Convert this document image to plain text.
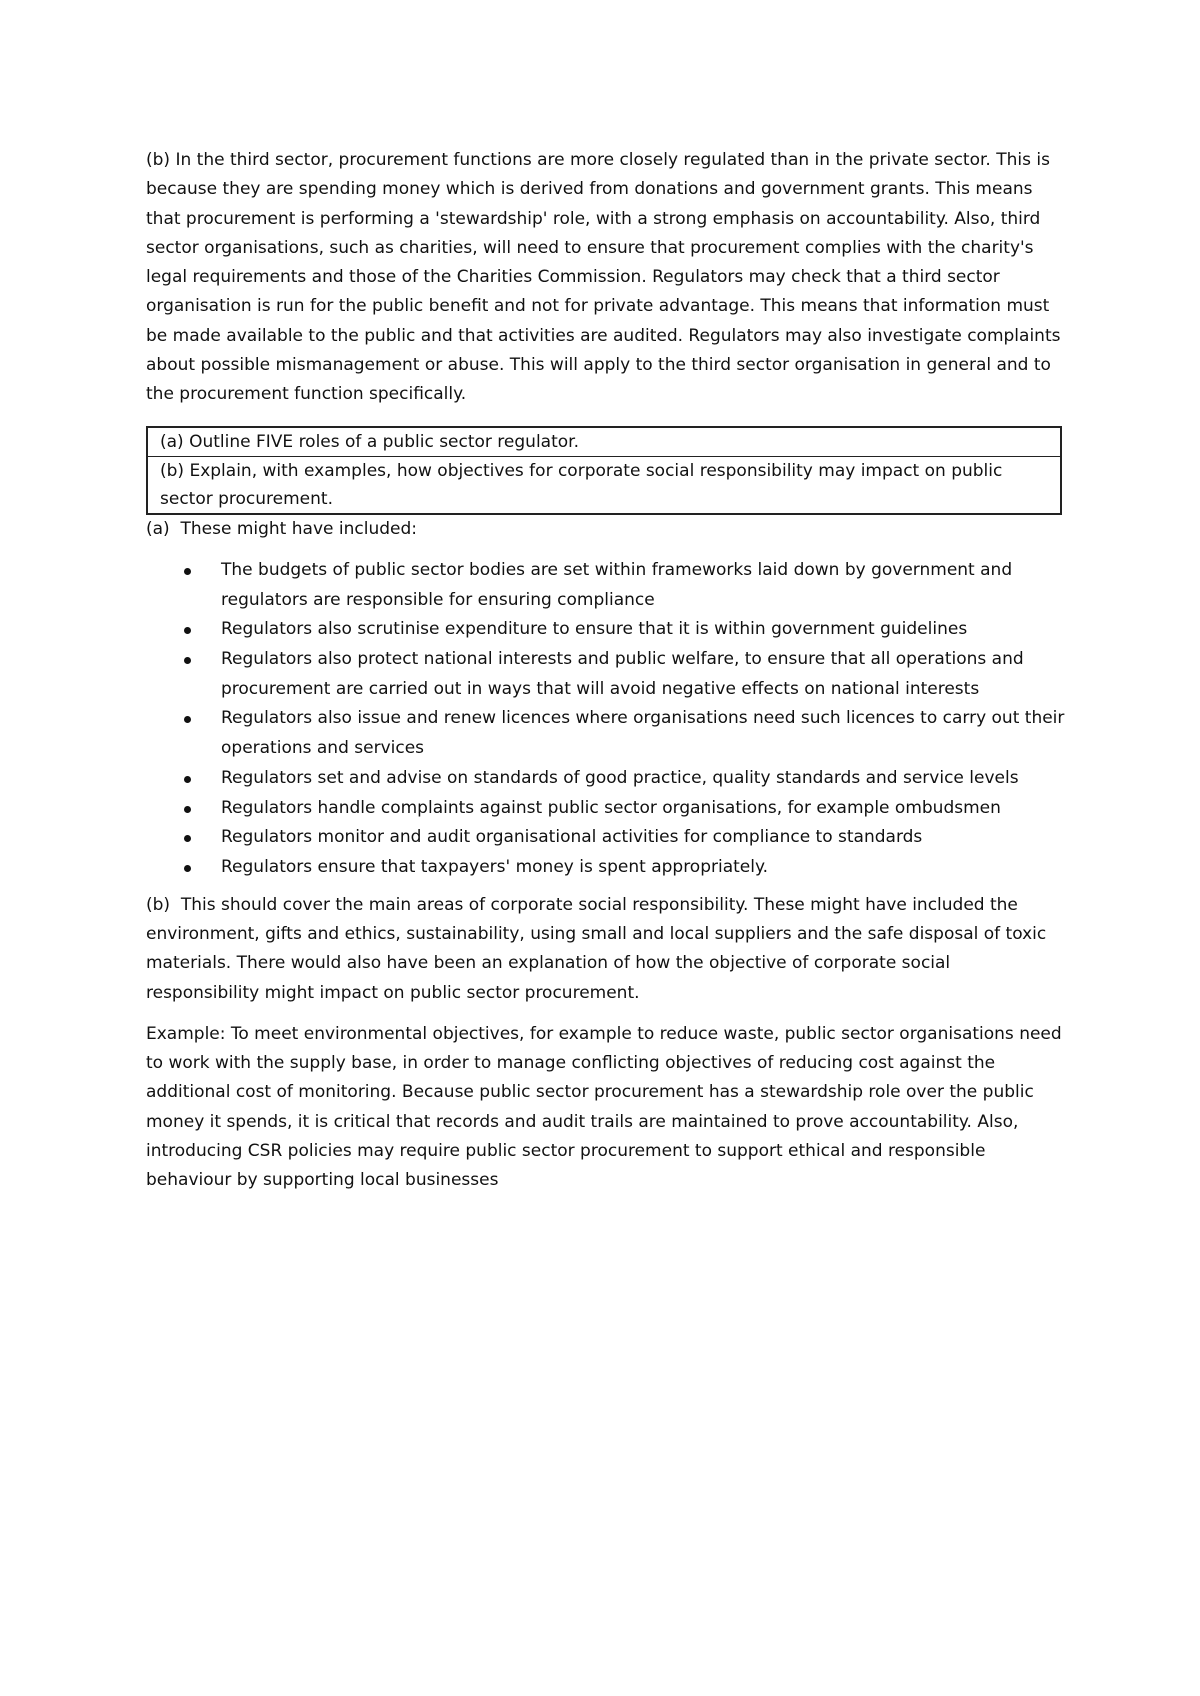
(b) In the third sector, procurement functions are more closely regulated than in the private sector. This is because they are spending money which is derived from donations and government grants. This means that procurement is performing a 'stewardship' role, with a strong emphasis on accountability. Also, third sector organisations, such as charities, will need to ensure that procurement complies with the charity's legal requirements and those of the Charities Commission. Regulators may check that a third sector organisation is run for the public benefit and not for private advantage. This means that information must be made available to the public and that activities are audited. Regulators may also investigate complaints about possible mismanagement or abuse. This will apply to the third sector organisation in general and to the procurement function specifically.

(a) Outline FIVE roles of a public sector regulator.
(b) Explain, with examples, how objectives for corporate social responsibility may impact on public sector procurement.

(a) These might have included:

The budgets of public sector bodies are set within frameworks laid down by government and regulators are responsible for ensuring compliance
Regulators also scrutinise expenditure to ensure that it is within government guidelines
Regulators also protect national interests and public welfare, to ensure that all operations and procurement are carried out in ways that will avoid negative effects on national interests
Regulators also issue and renew licences where organisations need such licences to carry out their operations and services
Regulators set and advise on standards of good practice, quality standards and service levels
Regulators handle complaints against public sector organisations, for example ombudsmen
Regulators monitor and audit organisational activities for compliance to standards
Regulators ensure that taxpayers' money is spent appropriately.

(b) This should cover the main areas of corporate social responsibility. These might have included the environment, gifts and ethics, sustainability, using small and local suppliers and the safe disposal of toxic materials. There would also have been an explanation of how the objective of corporate social responsibility might impact on public sector procurement.

Example: To meet environmental objectives, for example to reduce waste, public sector organisations need to work with the supply base, in order to manage conflicting objectives of reducing cost against the additional cost of monitoring. Because public sector procurement has a stewardship role over the public money it spends, it is critical that records and audit trails are maintained to prove accountability. Also, introducing CSR policies may require public sector procurement to support ethical and responsible behaviour by supporting local businesses
